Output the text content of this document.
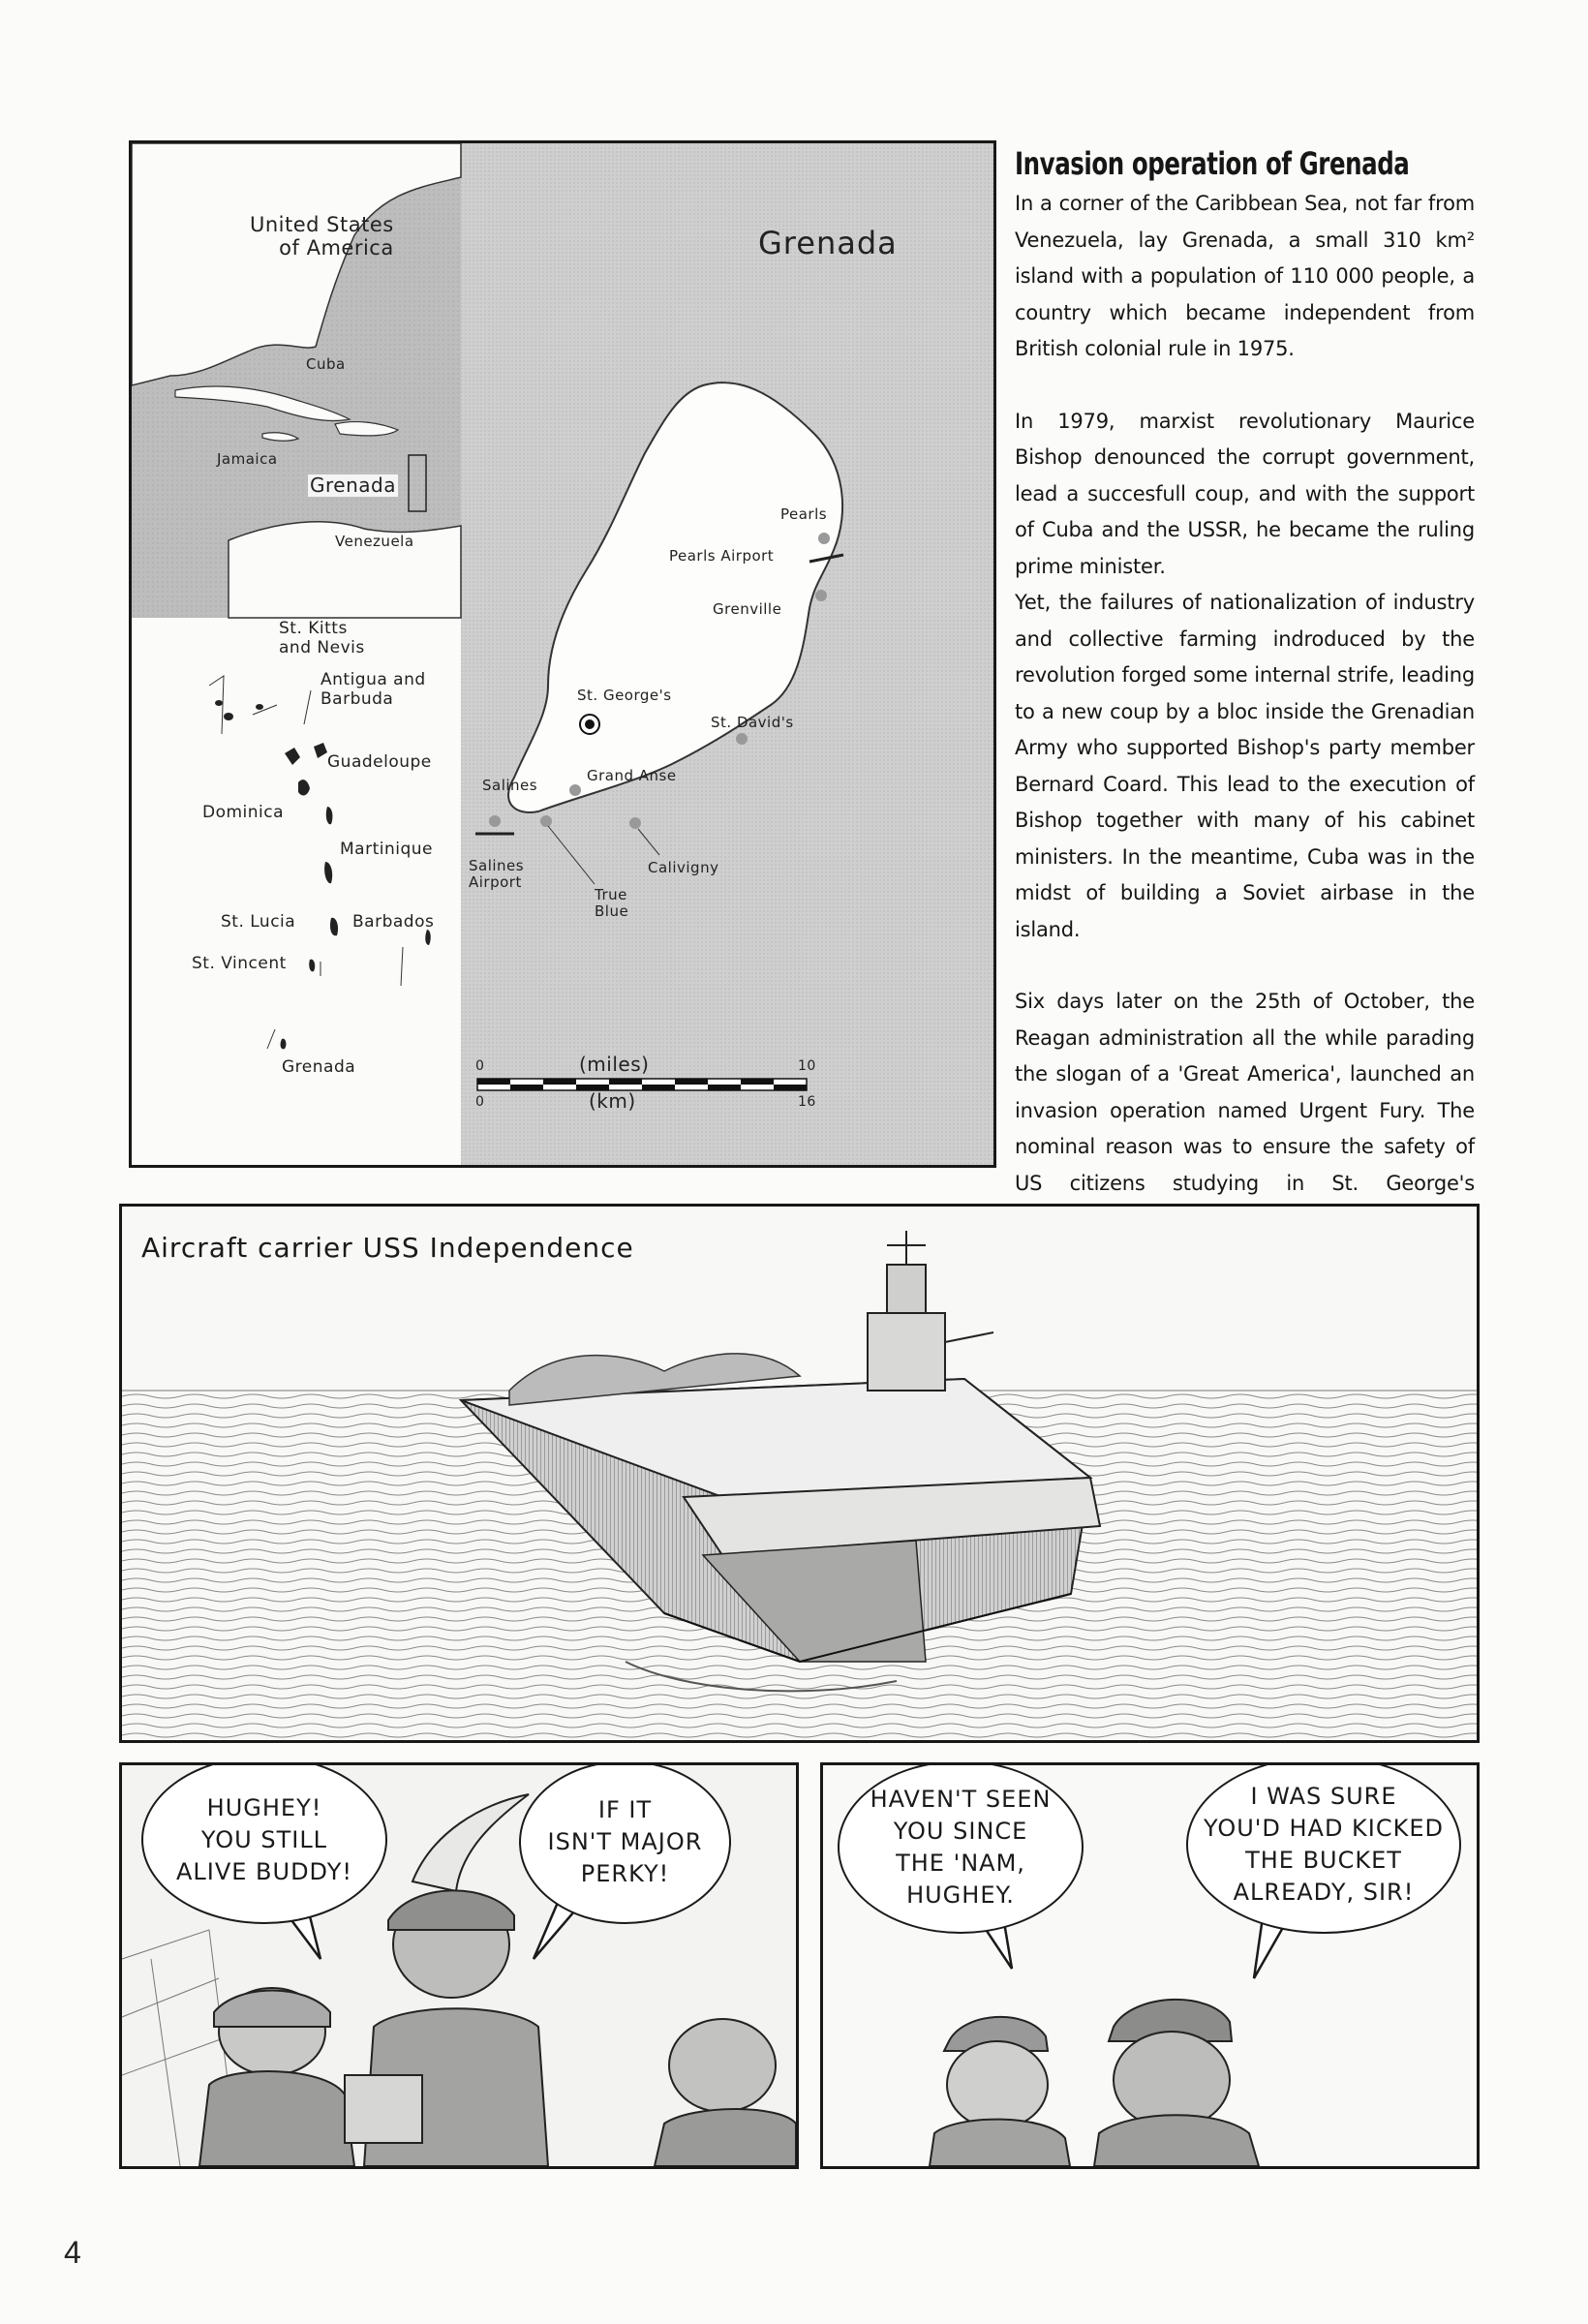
United States
of America	Grenada
Cuba
Jamaica
Grenada
Venezuela
St. Kitts
and Nevis
Antigua and
Barbuda
Guadeloupe
Dominica
Martinique
St. Lucia	Barbados
St. Vincent
Grenada
Pearls
Pearls Airport
Grenville
St. George's
St. David's
Salines
Grand Anse
Salines
Airport
True
Blue
Calivigny
0	(miles)	10
0	(km)	16
Invasion operation of Grenada

In a corner of the Caribbean Sea, not far from Venezuela, lay Grenada, a small 310 km² island with a population of 110 000 people, a country which became independent from British colonial rule in 1975.

In 1979, marxist revolutionary Maurice Bishop denounced the corrupt government, lead a succesfull coup, and with the support of Cuba and the USSR, he became the ruling prime minister.

Yet, the failures of nationalization of industry and collective farming indroduced by the revolution forged some internal strife, leading to a new coup by a bloc inside the Grenadian Army who supported Bishop's party member Bernard Coard. This lead to the execution of Bishop together with many of his cabinet ministers. In the meantime, Cuba was in the midst of building a Soviet airbase in the island.

Six days later on the 25th of October, the Reagan administration all the while parading the slogan of a 'Great America', launched an invasion operation named Urgent Fury. The nominal reason was to ensure the safety of US citizens studying in St. George's

Aircraft carrier USS Independence
HUGHEY!
YOU STILL
ALIVE BUDDY!
IF IT
ISN'T MAJOR
PERKY!
HAVEN'T SEEN
YOU SINCE
THE 'NAM,
HUGHEY.
I WAS SURE
YOU'D HAD KICKED
THE BUCKET
ALREADY, SIR!
4
